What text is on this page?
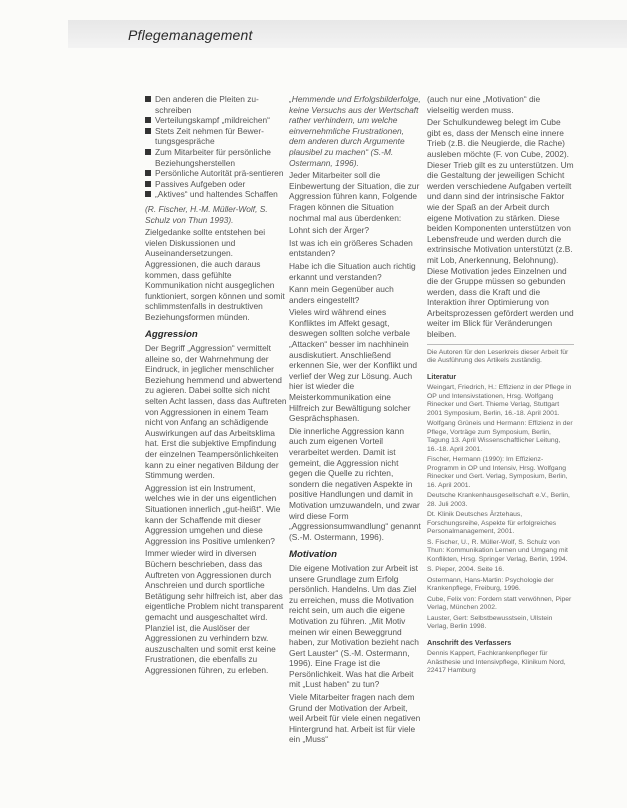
Pflegemanagement
Den anderen die Pleiten zu-schreiben
Verteilungskampf „mildreichen“
Stets Zeit nehmen für Bewer-tungsgespräche
Zum Mitarbeiter für persönliche Beziehungsherstellen
Persönliche Autorität prä-sentieren
Passives Aufgeben oder
„Aktives“ und haltendes Schaffen

(R. Fischer, H.-M. Müller-Wolf, S. Schulz von Thun 1993).

Zielgedanke sollte entstehen bei vielen Diskussionen und Auseinandersetzungen. Aggressionen, die auch daraus kommen, dass gefühlte Kommunikation nicht ausgeglichen funktioniert, sorgen können und somit schlimmstenfalls in destruktiven Beziehungsformen münden.

Aggression

Der Begriff „Aggression“ vermittelt alleine so, der Wahrnehmung der Eindruck, in jeglicher menschlicher Beziehung hemmend und abwertend zu agieren. Dabei sollte sich nicht selten Acht lassen, dass das Auftreten von Aggressionen in einem Team nicht von Anfang an schädigende Auswirkungen auf das Arbeitsklima hat. Erst die subjektive Empfindung der einzelnen Teampersönlichkeiten kann zu einer negativen Bildung der Stimmung werden.

Aggression ist ein Instrument, welches wie in der uns eigentlichen Situationen innerlich „gut-heißt“. Wie kann der Schaffende mit dieser Aggression umgehen und diese Aggression ins Positive umlenken?

Immer wieder wird in diversen Büchern beschrieben, dass das Auftreten von Aggressionen durch Anschreien und durch sportliche Betätigung sehr hilfreich ist, aber das eigentliche Problem nicht transparent gemacht und ausgeschaltet wird. Planziel ist, die Auslöser der Aggressionen zu verhindern bzw. auszuschalten und somit erst keine Frustrationen, die ebenfalls zu Aggressionen führen, zu erleben.

„Hemmende und Erfolgsbilderfolge, keine Versuchs aus der Wertschaft rather verhindern, um welche einvernehmliche Frustrationen, dem anderen durch Argumente plausibel zu machen“ (S.-M. Ostermann, 1996).

Jeder Mitarbeiter soll die Einbewertung der Situation, die zur Aggression führen kann, Folgende Fragen können die Situation nochmal mal aus überdenken:

Lohnt sich der Ärger?

Ist was ich ein größeres Schaden entstanden?

Habe ich die Situation auch richtig erkannt und verstanden?

Kann mein Gegenüber auch anders eingestellt?

Vieles wird während eines Konfliktes im Affekt gesagt, deswegen sollten solche verbale „Attacken“ besser im nachhinein ausdiskutiert. Anschließend erkennen Sie, wer der Konflikt und verlief der Weg zur Lösung. Auch hier ist wieder die Meisterkommunikation eine Hilfreich zur Bewältigung solcher Gesprächsphasen.

Die innerliche Aggression kann auch zum eigenen Vorteil verarbeitet werden. Damit ist gemeint, die Aggression nicht gegen die Quelle zu richten, sondern die negativen Aspekte in positive Handlungen und damit in Motivation umzuwandeln, und zwar wird diese Form „Aggressionsumwandlung“ genannt (S.-M. Ostermann, 1996).

Motivation

Die eigene Motivation zur Arbeit ist unsere Grundlage zum Erfolg persönlich. Handelns. Um das Ziel zu erreichen, muss die Motivation reicht sein, um auch die eigene Motivation zu führen. „Mit Motiv meinen wir einen Beweggrund haben, zur Motivation bezieht nach Gert Lauster“ (S.-M. Ostermann, 1996). Eine Frage ist die Persönlichkeit. Was hat die Arbeit mit „Lust haben“ zu tun?

Viele Mitarbeiter fragen nach dem Grund der Motivation der Arbeit, weil Arbeit für viele einen negativen Hintergrund hat. Arbeit ist für viele ein „Muss“

(auch nur eine „Motivation“ die vielseitig werden muss.

Der Schulkundeweg belegt im Cube gibt es, dass der Mensch eine innere Trieb (z.B. die Neugierde, die Rache) ausleben möchte (F. von Cube, 2002). Dieser Trieb gilt es zu unterstützen. Um die Gestaltung der jeweiligen Schicht werden verschiedene Aufgaben verteilt und dann sind der intrinsische Faktor wie der Spaß an der Arbeit durch eigene Motivation zu stärken. Diese beiden Komponenten unterstützen von Lebensfreude und werden durch die extrinsische Motivation unterstützt (z.B. mit Lob, Anerkennung, Belohnung). Diese Motivation jedes Einzelnen und die der Gruppe müssen so gebunden werden, dass die Kraft und die Interaktion ihrer Optimierung von Arbeitsprozessen gefördert werden und weiter im Blick für Veränderungen bleiben.

Die Autoren für den Leserkreis dieser Arbeit für die Ausführung des Artikels zuständig.

Literatur

Weingart, Friedrich, H.: Effizienz in der Pflege in OP und Intensivstationen, Hrsg. Wolfgang Rinecker und Gert. Thieme Verlag, Stuttgart 2001 Symposium, Berlin, 16.-18. April 2001.

Wolfgang Grüneis und Hermann: Effizienz in der Pflege, Vorträge zum Symposium, Berlin, Tagung 13. April Wissenschaftlicher Leitung, 16.-18. April 2001.

Fischer, Hermann (1990): Im Effizienz-Programm in OP und Intensiv, Hrsg. Wolfgang Rinecker und Gert. Verlag, Symposium, Berlin, 16. April 2001.

Deutsche Krankenhausgesellschaft e.V., Berlin, 28. Juli 2003.

Dt. Klinik Deutsches Ärztehaus, Forschungsreihe, Aspekte für erfolgreiches Personalmanagement, 2001.

S. Fischer, U., R. Müller-Wolf, S. Schulz von Thun: Kommunikation Lernen und Umgang mit Konflikten, Hrsg. Springer Verlag, Berlin, 1994.

S. Pieper, 2004. Seite 16.

Ostermann, Hans-Martin: Psychologie der Krankenpflege, Freiburg, 1996.

Cube, Felix von: Fordern statt verwöhnen, Piper Verlag, München 2002.

Lauster, Gert: Selbstbewusstsein, Ullstein Verlag, Berlin 1998.

Anschrift des Verfassers

Dennis Kappert, Fachkrankenpfleger für Anästhesie und Intensivpflege, Klinikum Nord, 22417 Hamburg
